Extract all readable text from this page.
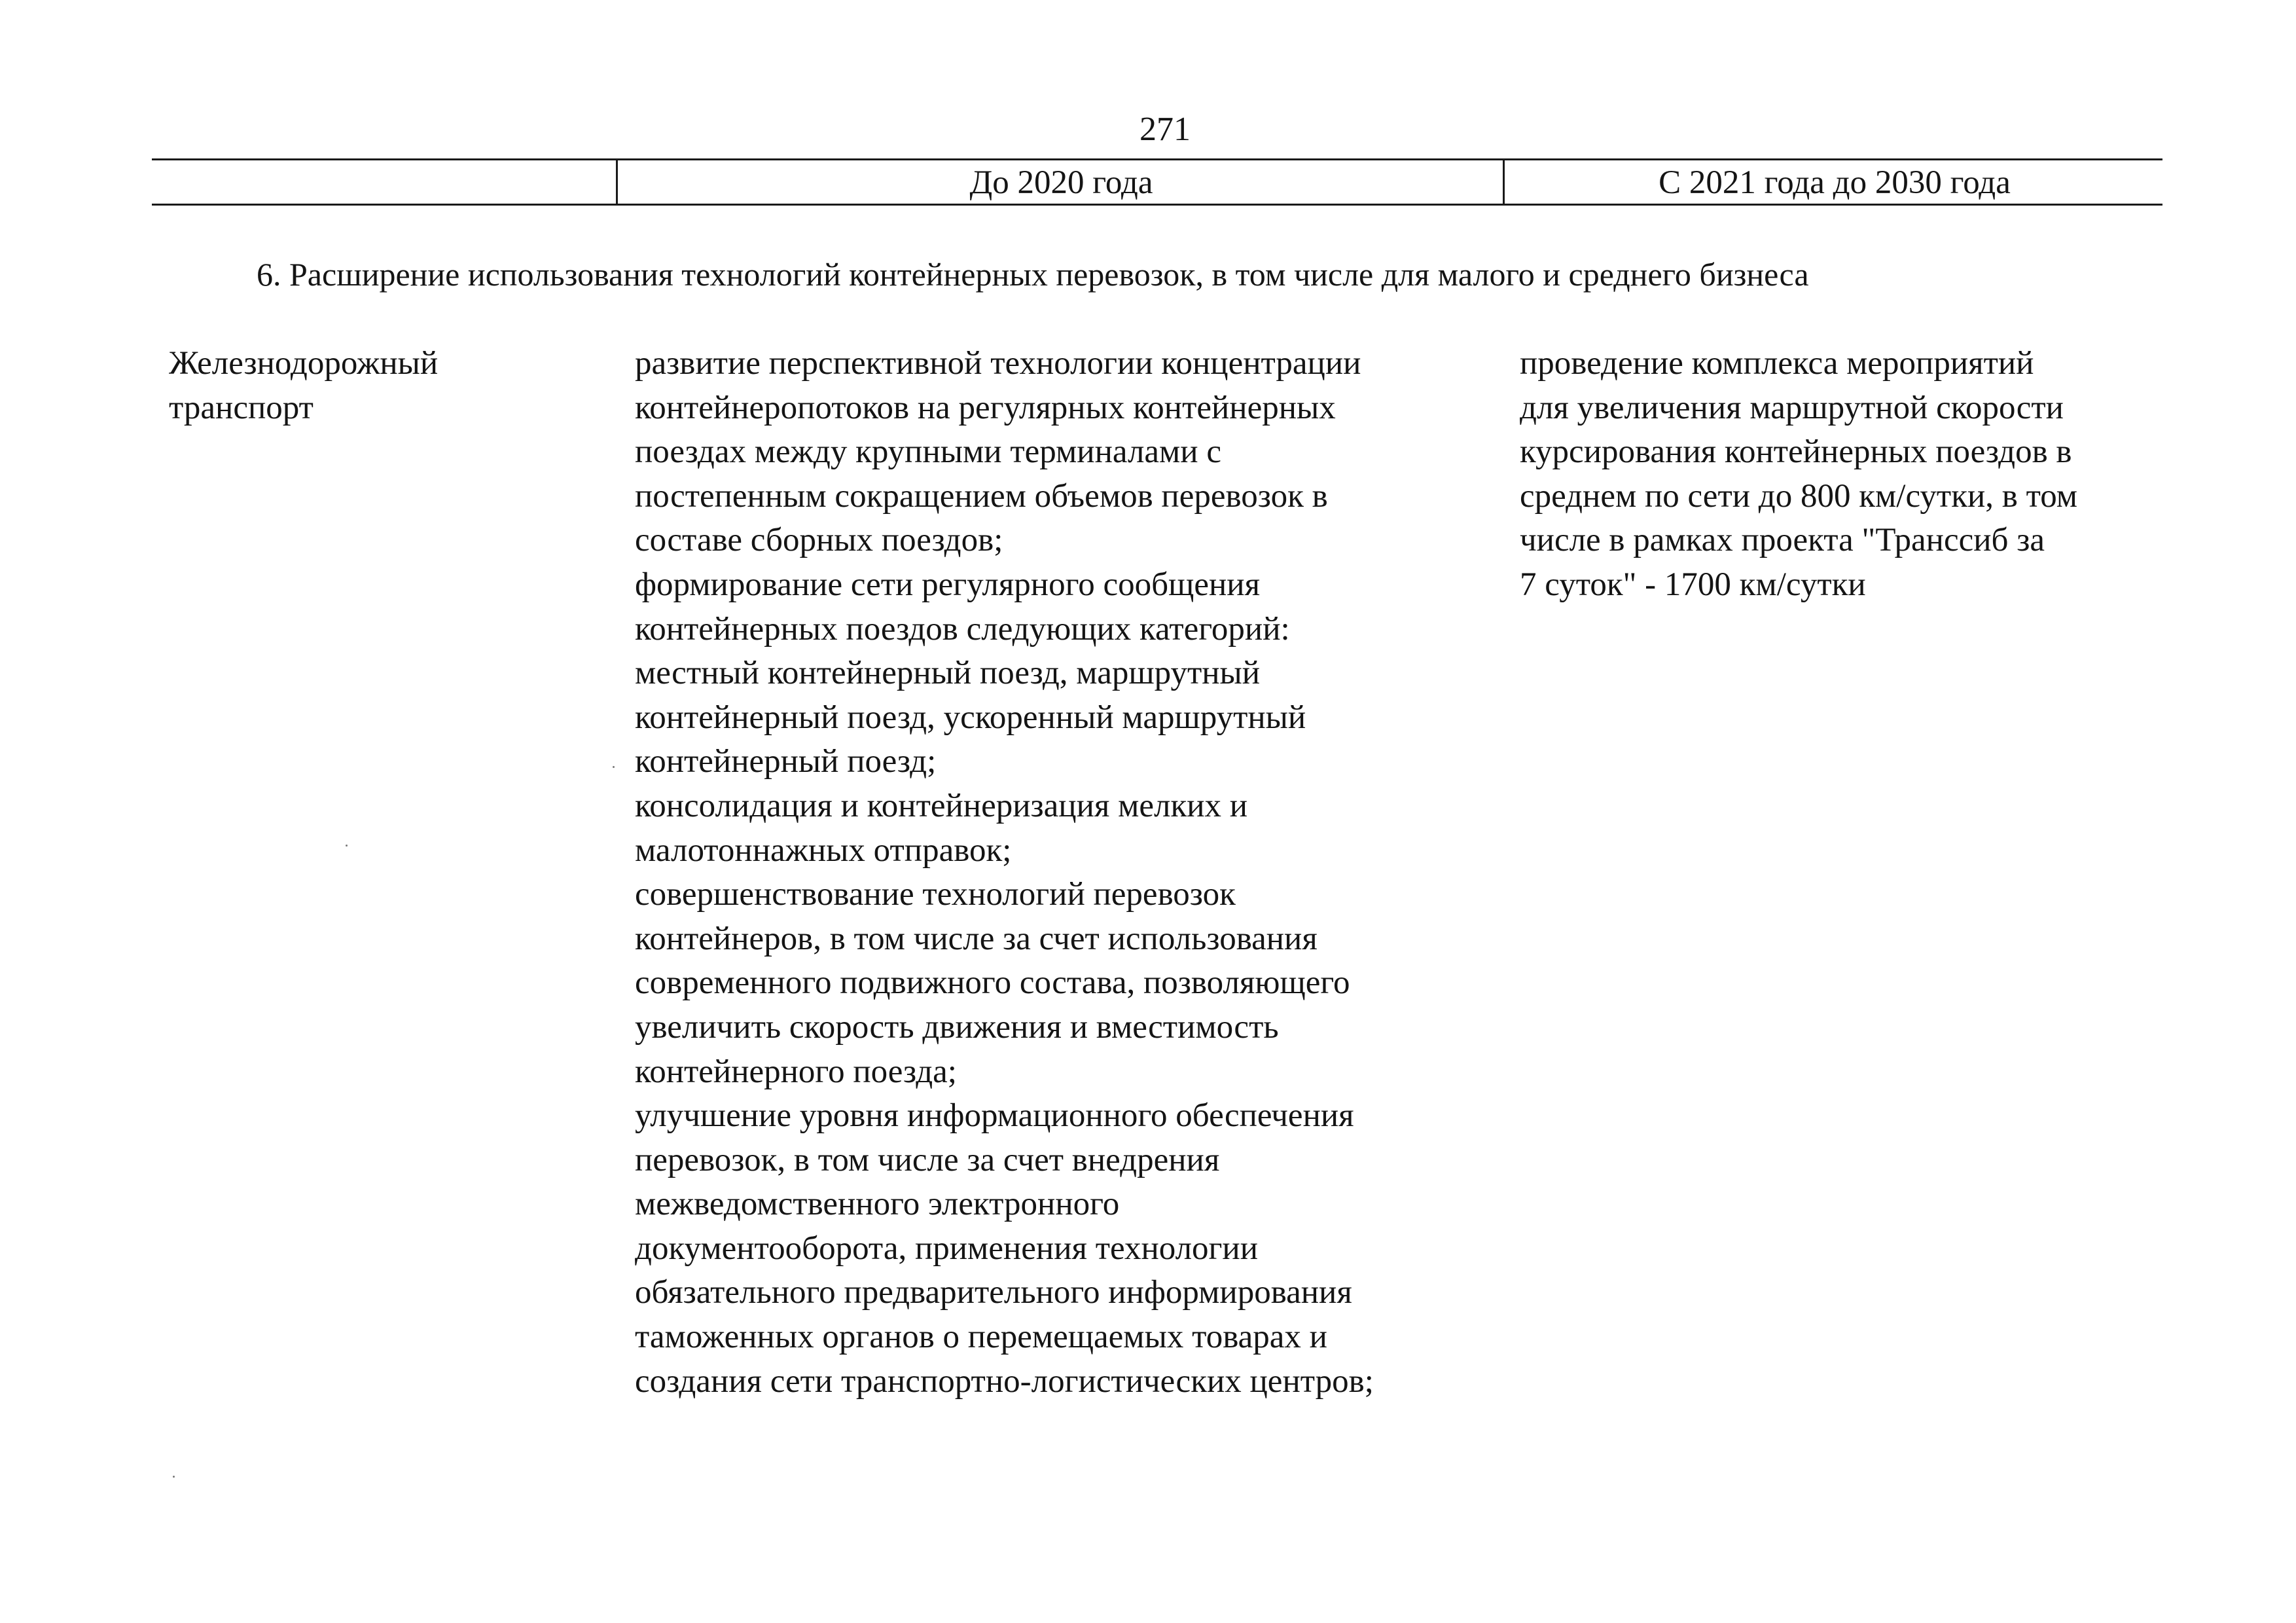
271
До 2020 года	С 2021 года до 2030 года
6. Расширение использования технологий контейнерных перевозок, в том числе для малого и среднего бизнеса
Железнодорожный
транспорт
развитие перспективной технологии концентрации
контейнеропотоков на регулярных контейнерных
поездах между крупными терминалами с
постепенным сокращением объемов перевозок в
составе сборных поездов;
формирование сети регулярного сообщения
контейнерных поездов следующих категорий:
местный контейнерный поезд, маршрутный
контейнерный поезд, ускоренный маршрутный
контейнерный поезд;
консолидация и контейнеризация мелких и
малотоннажных отправок;
совершенствование технологий перевозок
контейнеров, в том числе за счет использования
современного подвижного состава, позволяющего
увеличить скорость движения и вместимость
контейнерного поезда;
улучшение уровня информационного обеспечения
перевозок, в том числе за счет внедрения
межведомственного электронного
документооборота, применения технологии
обязательного предварительного информирования
таможенных органов о перемещаемых товарах и
создания сети транспортно-логистических центров;
проведение комплекса мероприятий
для увеличения маршрутной скорости
курсирования контейнерных поездов в
среднем по сети до 800 км/сутки, в том
числе в рамках проекта "Транссиб за
7 суток" - 1700 км/сутки
